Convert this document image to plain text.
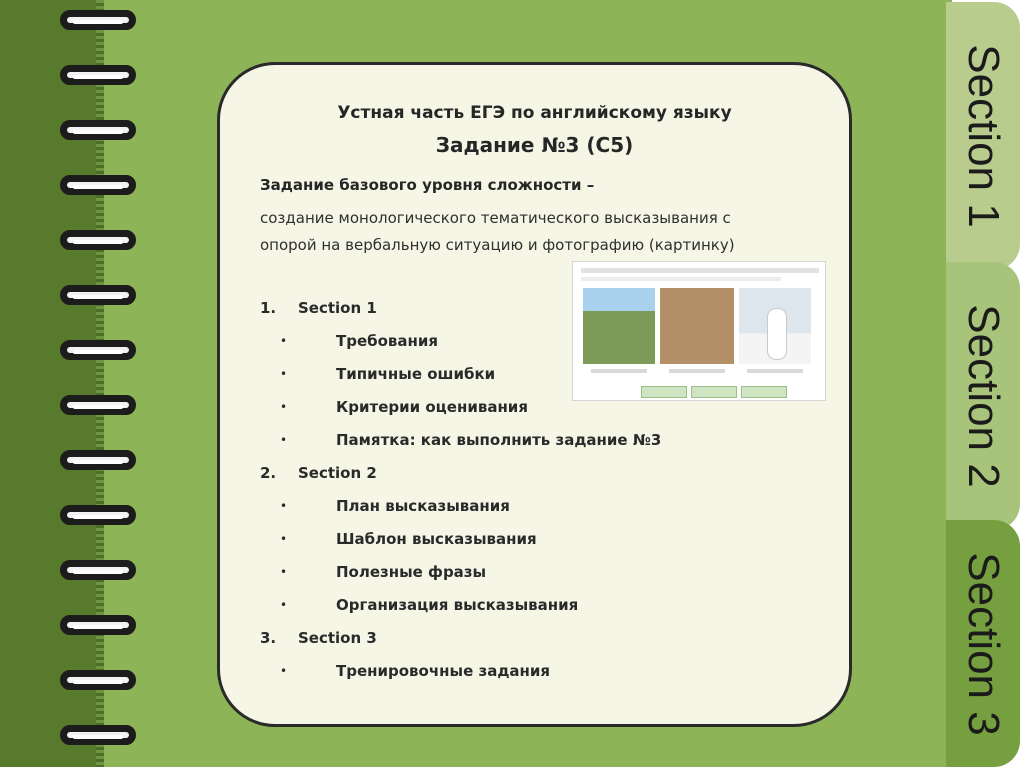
Section 1
Section 2
Section 3
Устная часть ЕГЭ по английскому языку
Задание №3 (С5)
Задание базового уровня сложности –
создание монологического тематического высказывания с опорой на вербальную ситуацию и фотографию (картинку)
1.	Section 1
•	Требования
•	Типичные ошибки
•	Критерии оценивания
•	Памятка: как выполнить задание №3
2.	Section 2
•	План высказывания
•	Шаблон высказывания
•	Полезные фразы
•	Организация высказывания
3.	Section 3
•	Тренировочные задания
